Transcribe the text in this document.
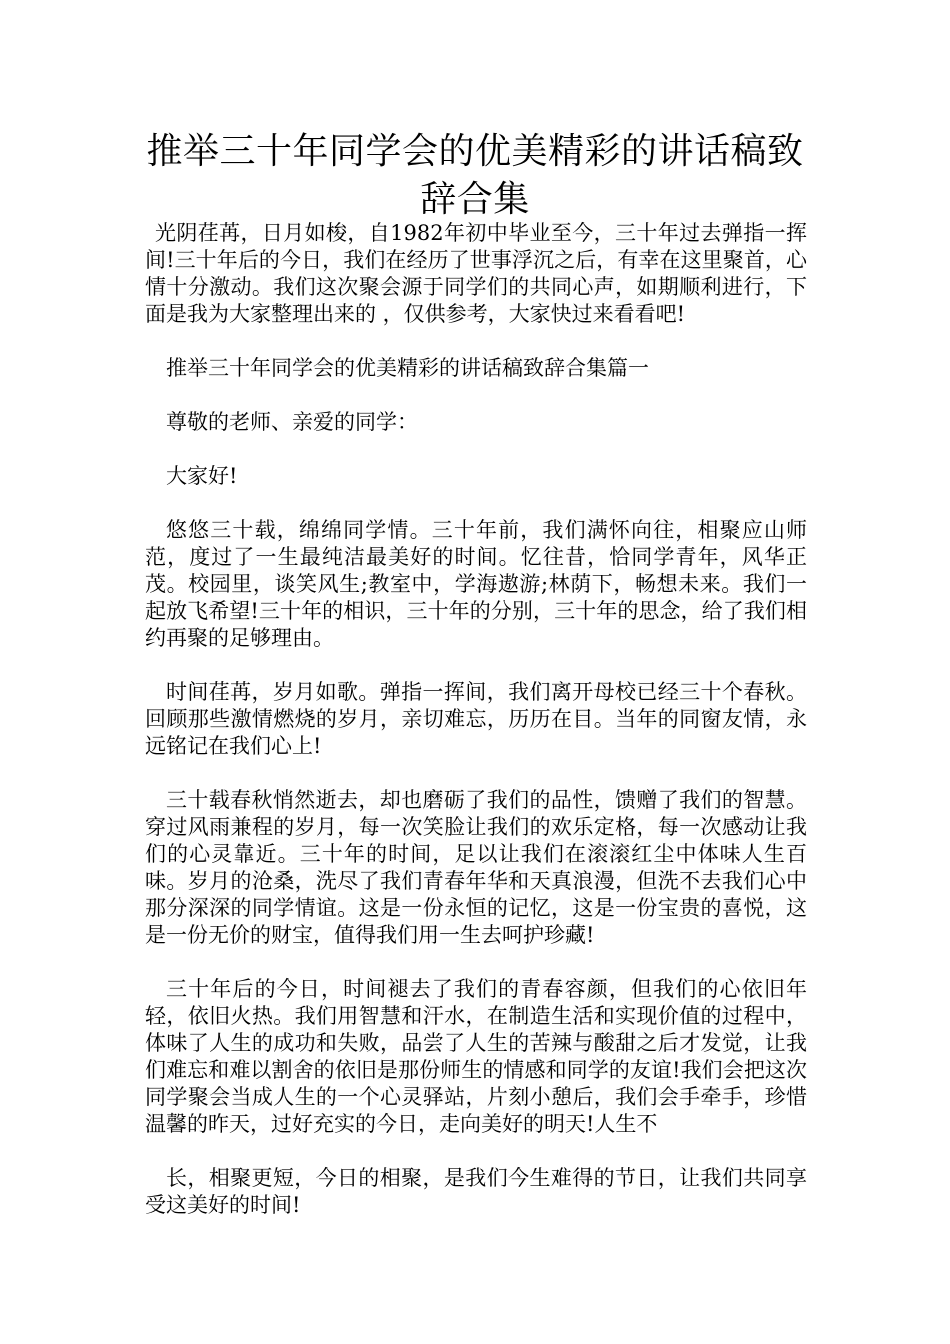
推举三十年同学会的优美精彩的讲话稿致辞合集

光阴荏苒，日月如梭，自1982年初中毕业至今，三十年过去弹指一挥间!三十年后的今日，我们在经历了世事浮沉之后，有幸在这里聚首，心情十分激动。我们这次聚会源于同学们的共同心声，如期顺利进行，下面是我为大家整理出来的 ，仅供参考，大家快过来看看吧!

推举三十年同学会的优美精彩的讲话稿致辞合集篇一

尊敬的老师、亲爱的同学：

大家好!

悠悠三十载，绵绵同学情。三十年前，我们满怀向往，相聚应山师范，度过了一生最纯洁最美好的时间。忆往昔，恰同学青年，风华正茂。校园里，谈笑风生;教室中，学海遨游;林荫下，畅想未来。我们一起放飞希望!三十年的相识，三十年的分别，三十年的思念，给了我们相约再聚的足够理由。

时间荏苒，岁月如歌。弹指一挥间，我们离开母校已经三十个春秋。回顾那些激情燃烧的岁月，亲切难忘，历历在目。当年的同窗友情，永远铭记在我们心上!

三十载春秋悄然逝去，却也磨砺了我们的品性，馈赠了我们的智慧。穿过风雨兼程的岁月，每一次笑脸让我们的欢乐定格，每一次感动让我们的心灵靠近。三十年的时间，足以让我们在滚滚红尘中体味人生百味。岁月的沧桑，洗尽了我们青春年华和天真浪漫，但洗不去我们心中那分深深的同学情谊。这是一份永恒的记忆，这是一份宝贵的喜悦，这是一份无价的财宝，值得我们用一生去呵护珍藏!

三十年后的今日，时间褪去了我们的青春容颜，但我们的心依旧年轻，依旧火热。我们用智慧和汗水，在制造生活和实现价值的过程中，体味了人生的成功和失败，品尝了人生的苦辣与酸甜之后才发觉，让我们难忘和难以割舍的依旧是那份师生的情感和同学的友谊!我们会把这次同学聚会当成人生的一个心灵驿站，片刻小憩后，我们会手牵手，珍惜温馨的昨天，过好充实的今日，走向美好的明天!人生不

长，相聚更短，今日的相聚，是我们今生难得的节日，让我们共同享受这美好的时间!
